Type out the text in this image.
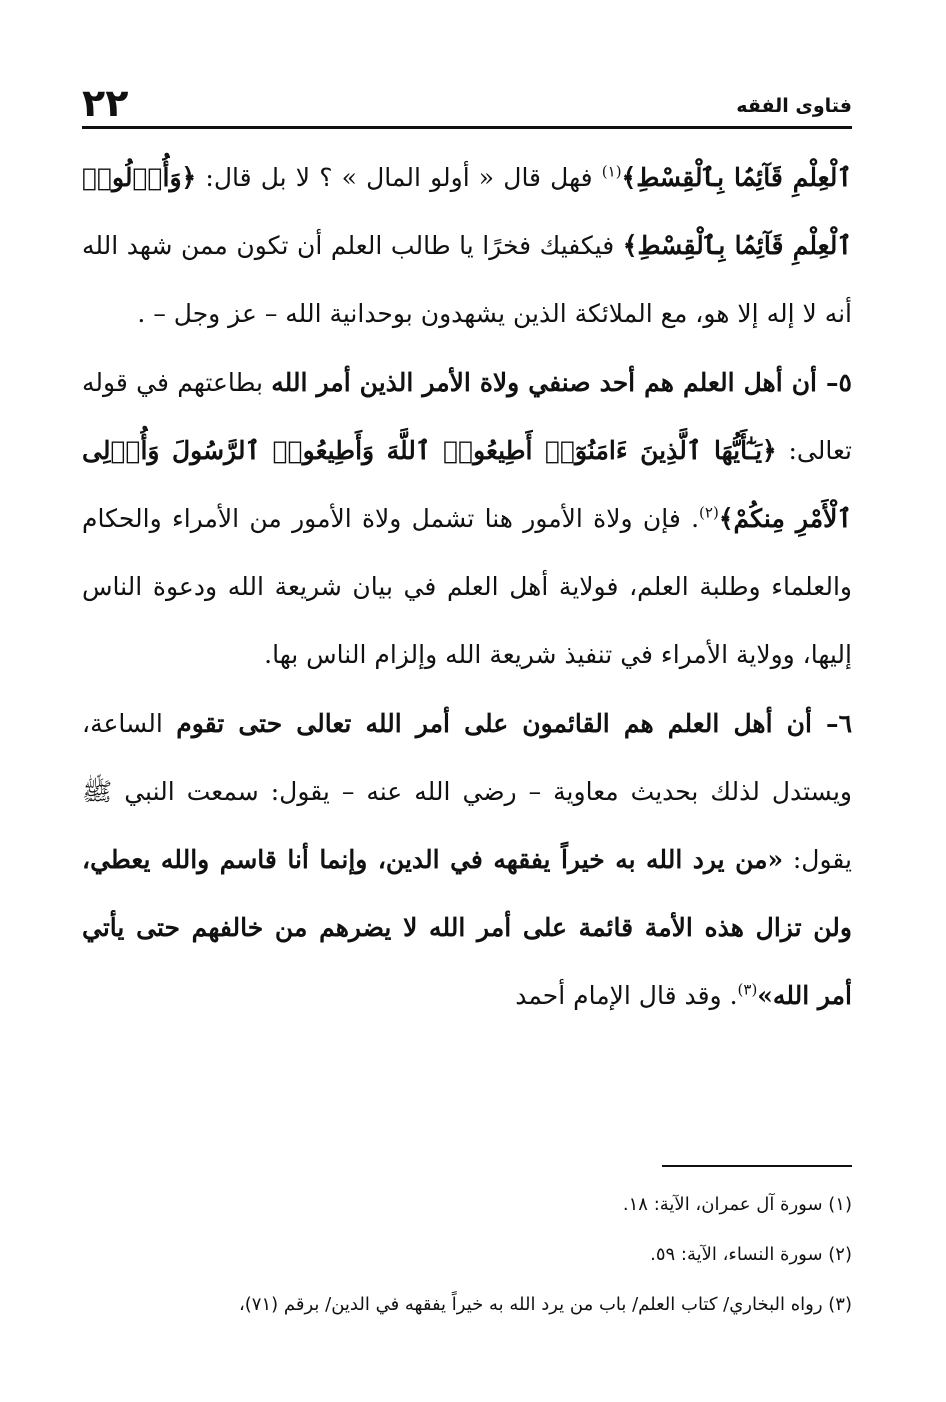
٢٢	فتاوى الفقه

ٱلْعِلْمِ قَآئِمَۢا بِٱلْقِسْطِ﴾$^{(١)}$ فهل قال « أولو المال » ؟ لا بل قال: ﴿وَأُو۟لُوا۟ ٱلْعِلْمِ قَآئِمَۢا بِٱلْقِسْطِ﴾ فيكفيك فخرًا يا طالب العلم أن تكون ممن شهد الله أنه لا إله إلا هو، مع الملائكة الذين يشهدون بوحدانية الله – عز وجل – .

٥– أن أهل العلم هم أحد صنفي ولاة الأمر الذين أمر الله بطاعتهم في قوله تعالى: ﴿يَـٰٓأَيُّهَا ٱلَّذِينَ ءَامَنُوٓا۟ أَطِيعُوا۟ ٱللَّهَ وَأَطِيعُوا۟ ٱلرَّسُولَ وَأُو۟لِى ٱلْأَمْرِ مِنكُمْ﴾$^{(٢)}$. فإن ولاة الأمور هنا تشمل ولاة الأمور من الأمراء والحكام والعلماء وطلبة العلم، فولاية أهل العلم في بيان شريعة الله ودعوة الناس إليها، وولاية الأمراء في تنفيذ شريعة الله وإلزام الناس بها.

٦– أن أهل العلم هم القائمون على أمر الله تعالى حتى تقوم الساعة، ويستدل لذلك بحديث معاوية – رضي الله عنه – يقول: سمعت النبي ﷺ يقول: «من يرد الله به خيراً يفقهه في الدين، وإنما أنا قاسم والله يعطي، ولن تزال هذه الأمة قائمة على أمر الله لا يضرهم من خالفهم حتى يأتي أمر الله»$^{(٣)}$. وقد قال الإمام أحمد

(١) سورة آل عمران، الآية: ١٨.
(٢) سورة النساء، الآية: ٥٩.
(٣) رواه البخاري/ كتاب العلم/ باب من يرد الله به خيراً يفقهه في الدين/ برقم (٧١)،
